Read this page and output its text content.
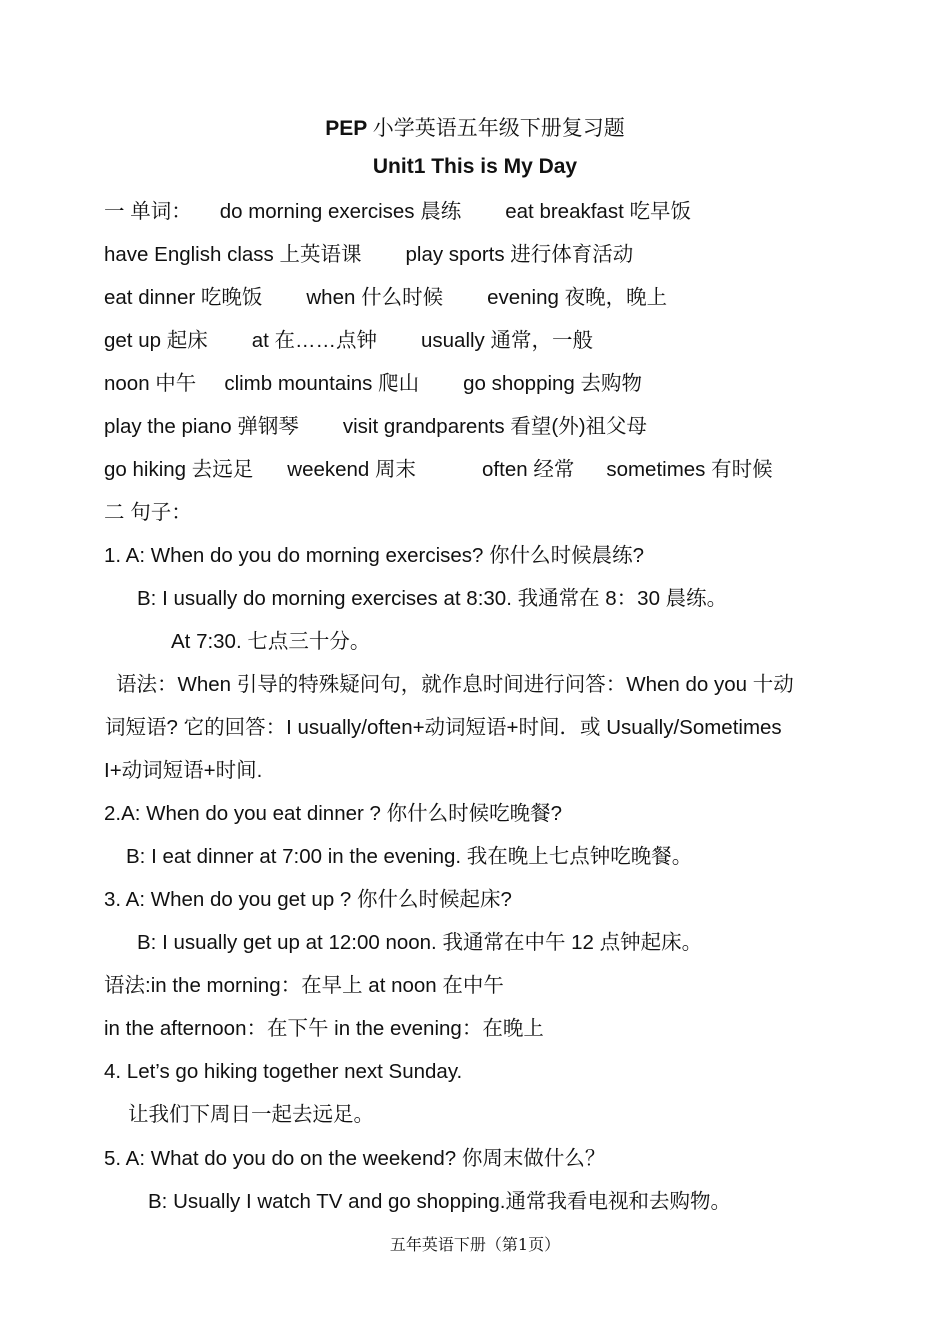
PEP 小学英语五年级下册复习题
Unit1 This is My Day
一 单词： do morning exercises 晨练 eat breakfast 吃早饭
have English class 上英语课 play sports 进行体育活动
eat dinner 吃晚饭 when 什么时候 evening 夜晚，晚上
get up 起床 at 在……点钟 usually 通常，一般
noon 中午 climb mountains 爬山 go shopping 去购物
play the piano 弹钢琴 visit grandparents 看望(外)祖父母
go hiking 去远足 weekend 周末	often 经常 sometimes 有时候
二 句子：
1. A: When do you do morning exercises? 你什么时候晨练?
B: I usually do morning exercises at 8:30. 我通常在 8：30 晨练。
At 7:30. 七点三十分。
语法：When 引导的特殊疑问句，就作息时间进行问答：When do you 十动
词短语? 它的回答：I usually/often+动词短语+时间．或 Usually/Sometimes
I+动词短语+时间.
2.A: When do you eat dinner ? 你什么时候吃晚餐?
B: I eat dinner at 7:00 in the evening. 我在晚上七点钟吃晚餐。
3. A: When do you get up ? 你什么时候起床?
B: I usually get up at 12:00 noon. 我通常在中午 12 点钟起床。
语法:in the morning：在早上 at noon 在中午
in the afternoon：在下午 in the evening：在晚上
4. Let’s go hiking together next Sunday.
让我们下周日一起去远足。
5. A: What do you do on the weekend? 你周末做什么？
B: Usually I watch TV and go shopping.通常我看电视和去购物。
五年英语下册（第1页）
